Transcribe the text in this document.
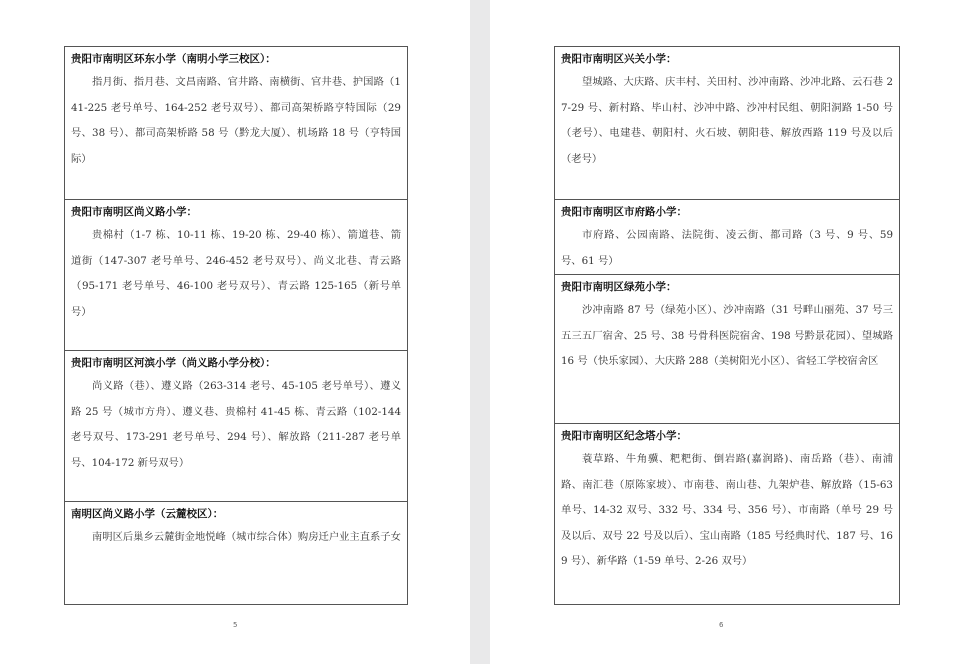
贵阳市南明区环东小学（南明小学三校区）：
指月街、指月巷、文昌南路、官井路、南横街、官井巷、护国路（141-225 老号单号、164-252 老号双号）、都司高架桥路亨特国际（29 号、38 号）、都司高架桥路 58 号（黔龙大厦）、机场路 18 号（亨特国际）
贵阳市南明区尚义路小学：
贵棉村（1-7 栋、10-11 栋、19-20 栋、29-40 栋）、箭道巷、箭道街（147-307 老号单号、246-452 老号双号）、尚义北巷、青云路（95-171 老号单号、46-100 老号双号）、青云路 125-165（新号单号）
贵阳市南明区河滨小学（尚义路小学分校）：
尚义路（巷）、遵义路（263-314 老号、45-105 老号单号）、遵义路 25 号（城市方舟）、遵义巷、贵棉村 41-45 栋、青云路（102-144 老号双号、173-291 老号单号、294 号）、解放路（211-287 老号单号、104-172 新号双号）
南明区尚义路小学（云麓校区）：
南明区后巢乡云麓街金地悦峰（城市综合体）购房迁户业主直系子女
5
贵阳市南明区兴关小学：
望城路、大庆路、庆丰村、关田村、沙冲南路、沙冲北路、云石巷 27-29 号、新村路、毕山村、沙冲中路、沙冲村民组、朝阳洞路 1-50 号（老号）、电建巷、朝阳村、火石坡、朝阳巷、解放西路 119 号及以后（老号）
贵阳市南明区市府路小学：
市府路、公园南路、法院街、凌云街、都司路（3 号、9 号、59 号、61 号）
贵阳市南明区绿苑小学：
沙冲南路 87 号（绿苑小区）、沙冲南路（31 号畔山丽苑、37 号三五三五厂宿舍、25 号、38 号骨科医院宿舍、198 号黔景花园）、望城路 16 号（快乐家园）、大庆路 288（美树阳光小区）、省轻工学校宿舍区
贵阳市南明区纪念塔小学：
蓑草路、牛角骥、粑粑街、倒岩路(嘉润路)、南岳路（巷）、南浦路、南汇巷（原陈家坡）、市南巷、南山巷、九架炉巷、解放路（15-63 单号、14-32 双号、332 号、334 号、356 号）、市南路（单号 29 号及以后、双号 22 号及以后）、宝山南路（185 号经典时代、187 号、169 号）、新华路（1-59 单号、2-26 双号）
6
